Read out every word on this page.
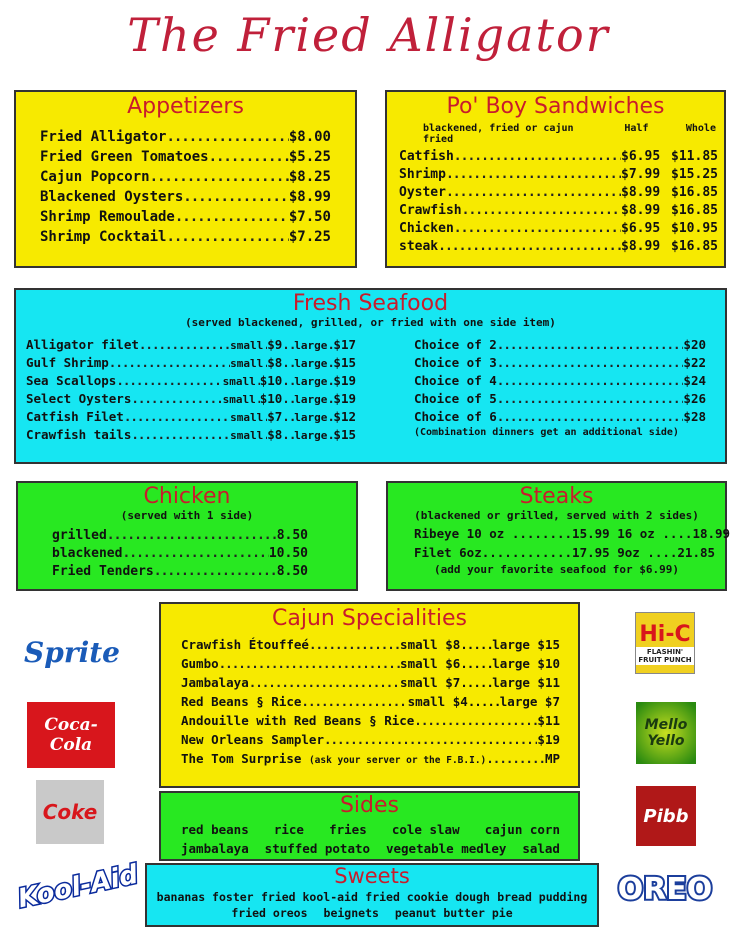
The Fried Alligator
Appetizers
Fried Alligator .....	$8.00
Fried Green Tomatoes .....	$5.25
Cajun Popcorn .....	$8.25
Blackened Oysters .....	$8.99
Shrimp Remoulade .....	$7.50
Shrimp Cocktail .....	$7.25
Po' Boy Sandwiches
blackened, fried or cajun fried
Half	Whole
Catfish .....	$6.95 $11.85
Shrimp .....	$7.99 $15.25
Oyster .....	$8.99 $16.85
Crawfish .....	$8.99 $16.85
Chicken .....	$6.95 $10.95
steak .....	$8.99 $16.85
Fresh Seafood
(served blackened, grilled, or fried with one side item)
Alligator filet .....	small ..... $9 ..... large ..... $17
Gulf Shrimp .....	small ..... $8 ..... large ..... $15
Sea Scallops .....	small ..... $10 ..... large ..... $19
Select Oysters .....	small ..... $10 ..... large ..... $19
Catfish Filet .....	small ..... $7 ..... large ..... $12
Crawfish tails .....	small ..... $8 ..... large ..... $15
Choice of 2 .....	$20
Choice of 3 .....	$22
Choice of 4 .....	$24
Choice of 5 .....	$26
Choice of 6 .....	$28
(Combination dinners get an additional side)
Chicken
(served with 1 side)
grilled .....	8.50
blackened .....	10.50
Fried Tenders .....	8.50
Steaks
(blackened or grilled, served with 2 sides)
Ribeye 10 oz ........15.99 16 oz ....18.99
Filet 6oz............17.95 9oz ....21.85
(add your favorite seafood for $6.99)
Cajun Specialities
Crawfish Étouffeé .....	small $8 .....	large $15
Gumbo .....	small $6 .....	large $10
Jambalaya .....	small $7 .....	large $11
Red Beans § Rice .....	small $4 .....	large $7
Andouille with Red Beans § Rice .....	$11
New Orleans Sampler .....	$19
The Tom Surprise
(ask your server or the F.B.I.) .....	MP
Sides
red beans rice fries cole slaw cajun corn
jambalaya stuffed potato vegetable medley salad
Sweets
bananas foster fried kool-aid fried cookie dough bread pudding
fried oreos beignets peanut butter pie
Sprite
Coca-Cola
Coke
Kool-Aid
Hi-C
FLASHIN' FRUIT PUNCH
Mello Yello
Pibb
OREO
